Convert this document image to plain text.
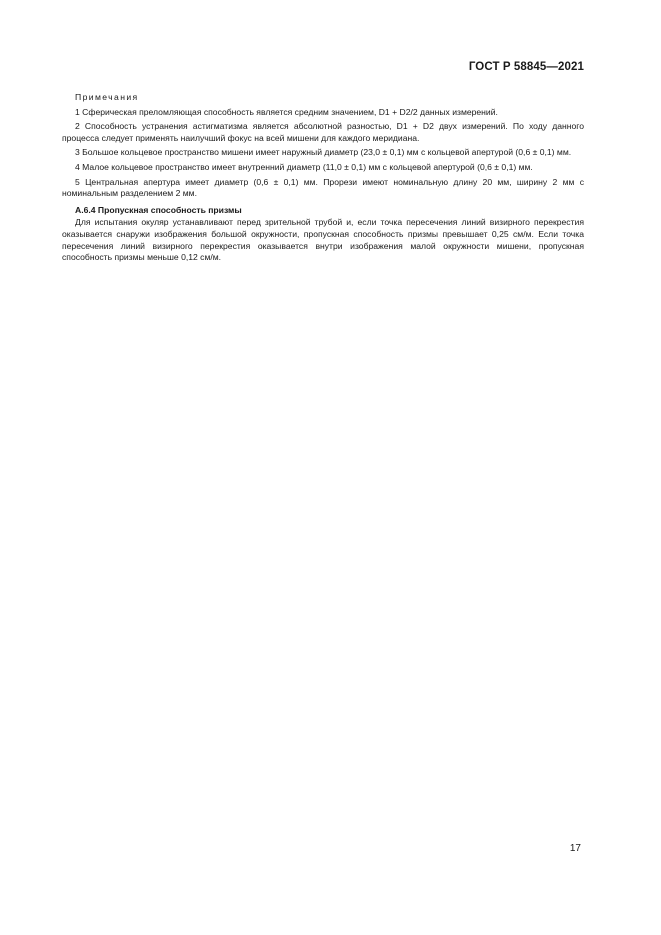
ГОСТ Р 58845—2021
Примечания

1 Сферическая преломляющая способность является средним значением, D1 + D2/2 данных измерений.

2 Способность устранения астигматизма является абсолютной разностью, D1 + D2 двух измерений. По ходу данного процесса следует применять наилучший фокус на всей мишени для каждого меридиана.

3 Большое кольцевое пространство мишени имеет наружный диаметр (23,0 ± 0,1) мм с кольцевой апертурой (0,6 ± 0,1) мм.

4 Малое кольцевое пространство имеет внутренний диаметр (11,0 ± 0,1) мм с кольцевой апертурой (0,6 ± 0,1) мм.

5 Центральная апертура имеет диаметр (0,6 ± 0,1) мм. Прорези имеют номинальную длину 20 мм, ширину 2 мм с номинальным разделением 2 мм.

А.6.4 Пропускная способность призмы

Для испытания окуляр устанавливают перед зрительной трубой и, если точка пересечения линий визирного перекрестия оказывается снаружи изображения большой окружности, пропускная способность призмы превышает 0,25 см/м. Если точка пересечения линий визирного перекрестия оказывается внутри изображения малой окружности мишени, пропускная способность призмы меньше 0,12 см/м.

17
